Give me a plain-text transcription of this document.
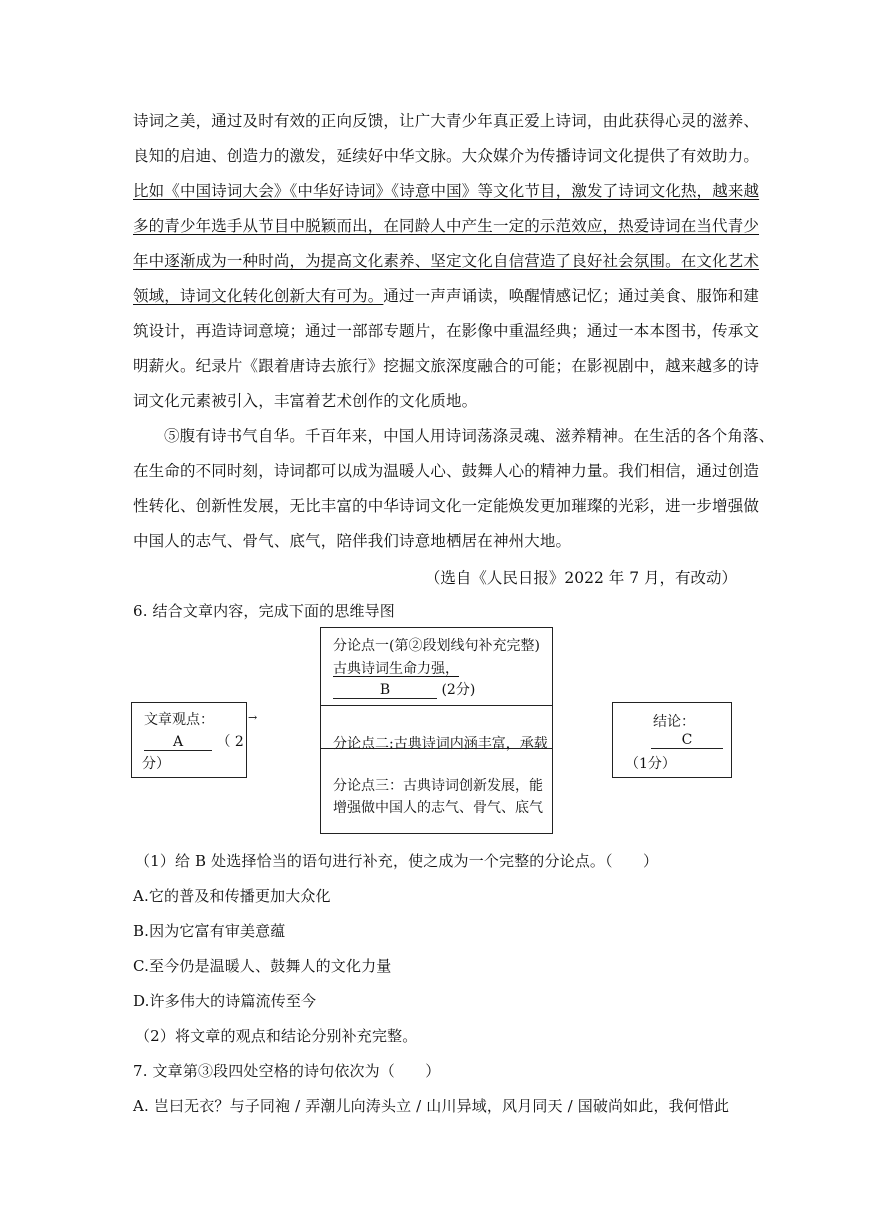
诗词之美，通过及时有效的正向反馈，让广大青少年真正爱上诗词，由此获得心灵的滋养、
良知的启迪、创造力的激发，延续好中华文脉。大众媒介为传播诗词文化提供了有效助力。
比如《中国诗词大会》《中华好诗词》《诗意中国》等文化节目，激发了诗词文化热，越来越
多的青少年选手从节目中脱颖而出，在同龄人中产生一定的示范效应，热爱诗词在当代青少
年中逐渐成为一种时尚，为提高文化素养、坚定文化自信营造了良好社会氛围。在文化艺术
领域，诗词文化转化创新大有可为。通过一声声诵读，唤醒情感记忆；通过美食、服饰和建
筑设计，再造诗词意境；通过一部部专题片，在影像中重温经典；通过一本本图书，传承文
明薪火。纪录片《跟着唐诗去旅行》挖掘文旅深度融合的可能；在影视剧中，越来越多的诗
词文化元素被引入，丰富着艺术创作的文化质地。
⑤腹有诗书气自华。千百年来，中国人用诗词荡涤灵魂、滋养精神。在生活的各个角落、
在生命的不同时刻，诗词都可以成为温暖人心、鼓舞人心的精神力量。我们相信，通过创造
性转化、创新性发展，无比丰富的中华诗词文化一定能焕发更加璀璨的光彩，进一步增强做
中国人的志气、骨气、底气，陪伴我们诗意地栖居在神州大地。
（选自《人民日报》2022 年 7 月，有改动）
6. 结合文章内容，完成下面的思维导图
文章观点：
A （ 2
分）
→
分论点一(第②段划线句补充完整)
古典诗词生命力强，
B	(2分)
分论点二:古典诗词内涵丰富，承载
分论点三：古典诗词创新发展，能
增强做中国人的志气、骨气、底气
结论：
C
（1分）
（1）给 B 处选择恰当的语句进行补充，使之成为一个完整的分论点。（　　）
A.它的普及和传播更加大众化
B.因为它富有审美意蕴
C.至今仍是温暖人、鼓舞人的文化力量
D.许多伟大的诗篇流传至今
（2）将文章的观点和结论分别补充完整。
7. 文章第③段四处空格的诗句依次为（　　）
A. 岂曰无衣？与子同袍 / 弄潮儿向涛头立 / 山川异域，风月同天 / 国破尚如此，我何惜此
